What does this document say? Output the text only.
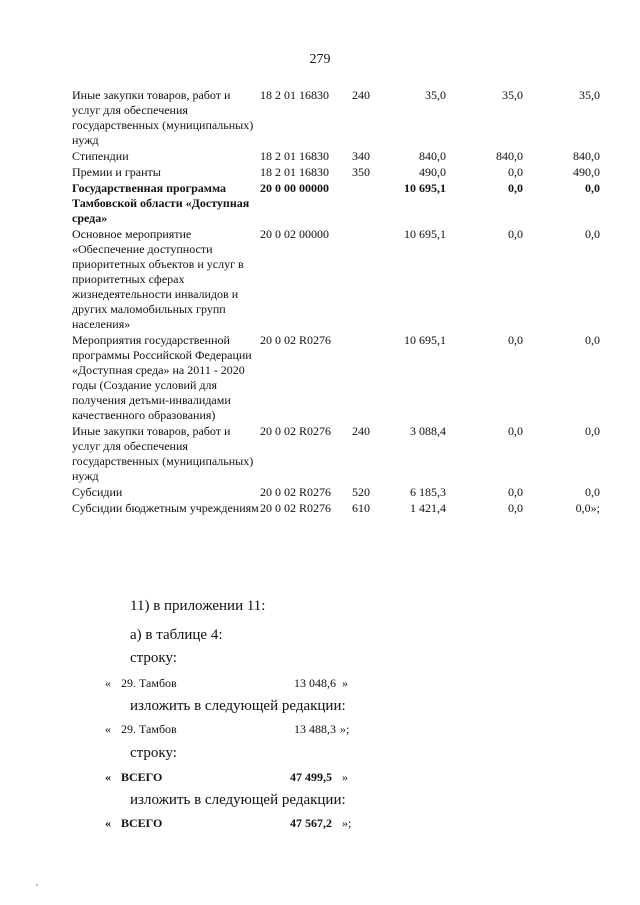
279
Иные закупки товаров, работ и услуг для обеспечения государственных (муниципальных) нужд	18 2 01 16830	240	35,0	35,0	35,0
Стипендии	18 2 01 16830	340	840,0	840,0	840,0
Премии и гранты	18 2 01 16830	350	490,0	0,0	490,0
Государственная программа Тамбовской области «Доступная среда»	20 0 00 00000		10 695,1	0,0	0,0
Основное мероприятие «Обеспечение доступности приоритетных объектов и услуг в приоритетных сферах жизнедеятельности инвалидов и других маломобильных групп населения»	20 0 02 00000		10 695,1	0,0	0,0
Мероприятия государственной программы Российской Федерации «Доступная среда» на 2011 - 2020 годы (Создание условий для получения детьми-инвалидами качественного образования)	20 0 02 R0276		10 695,1	0,0	0,0
Иные закупки товаров, работ и услуг для обеспечения государственных (муниципальных) нужд	20 0 02 R0276	240	3 088,4	0,0	0,0
Субсидии	20 0 02 R0276	520	6 185,3	0,0	0,0
Субсидии бюджетным учреждениям	20 0 02 R0276	610	1 421,4	0,0	0,0»;
11) в приложении 11:
а) в таблице 4:
строку:
« 29. Тамбов	13 048,6 »
изложить в следующей редакции:
« 29. Тамбов	13 488,3 »;
строку:
« ВСЕГО	47 499,5 »
изложить в следующей редакции:
« ВСЕГО	47 567,2 »;
